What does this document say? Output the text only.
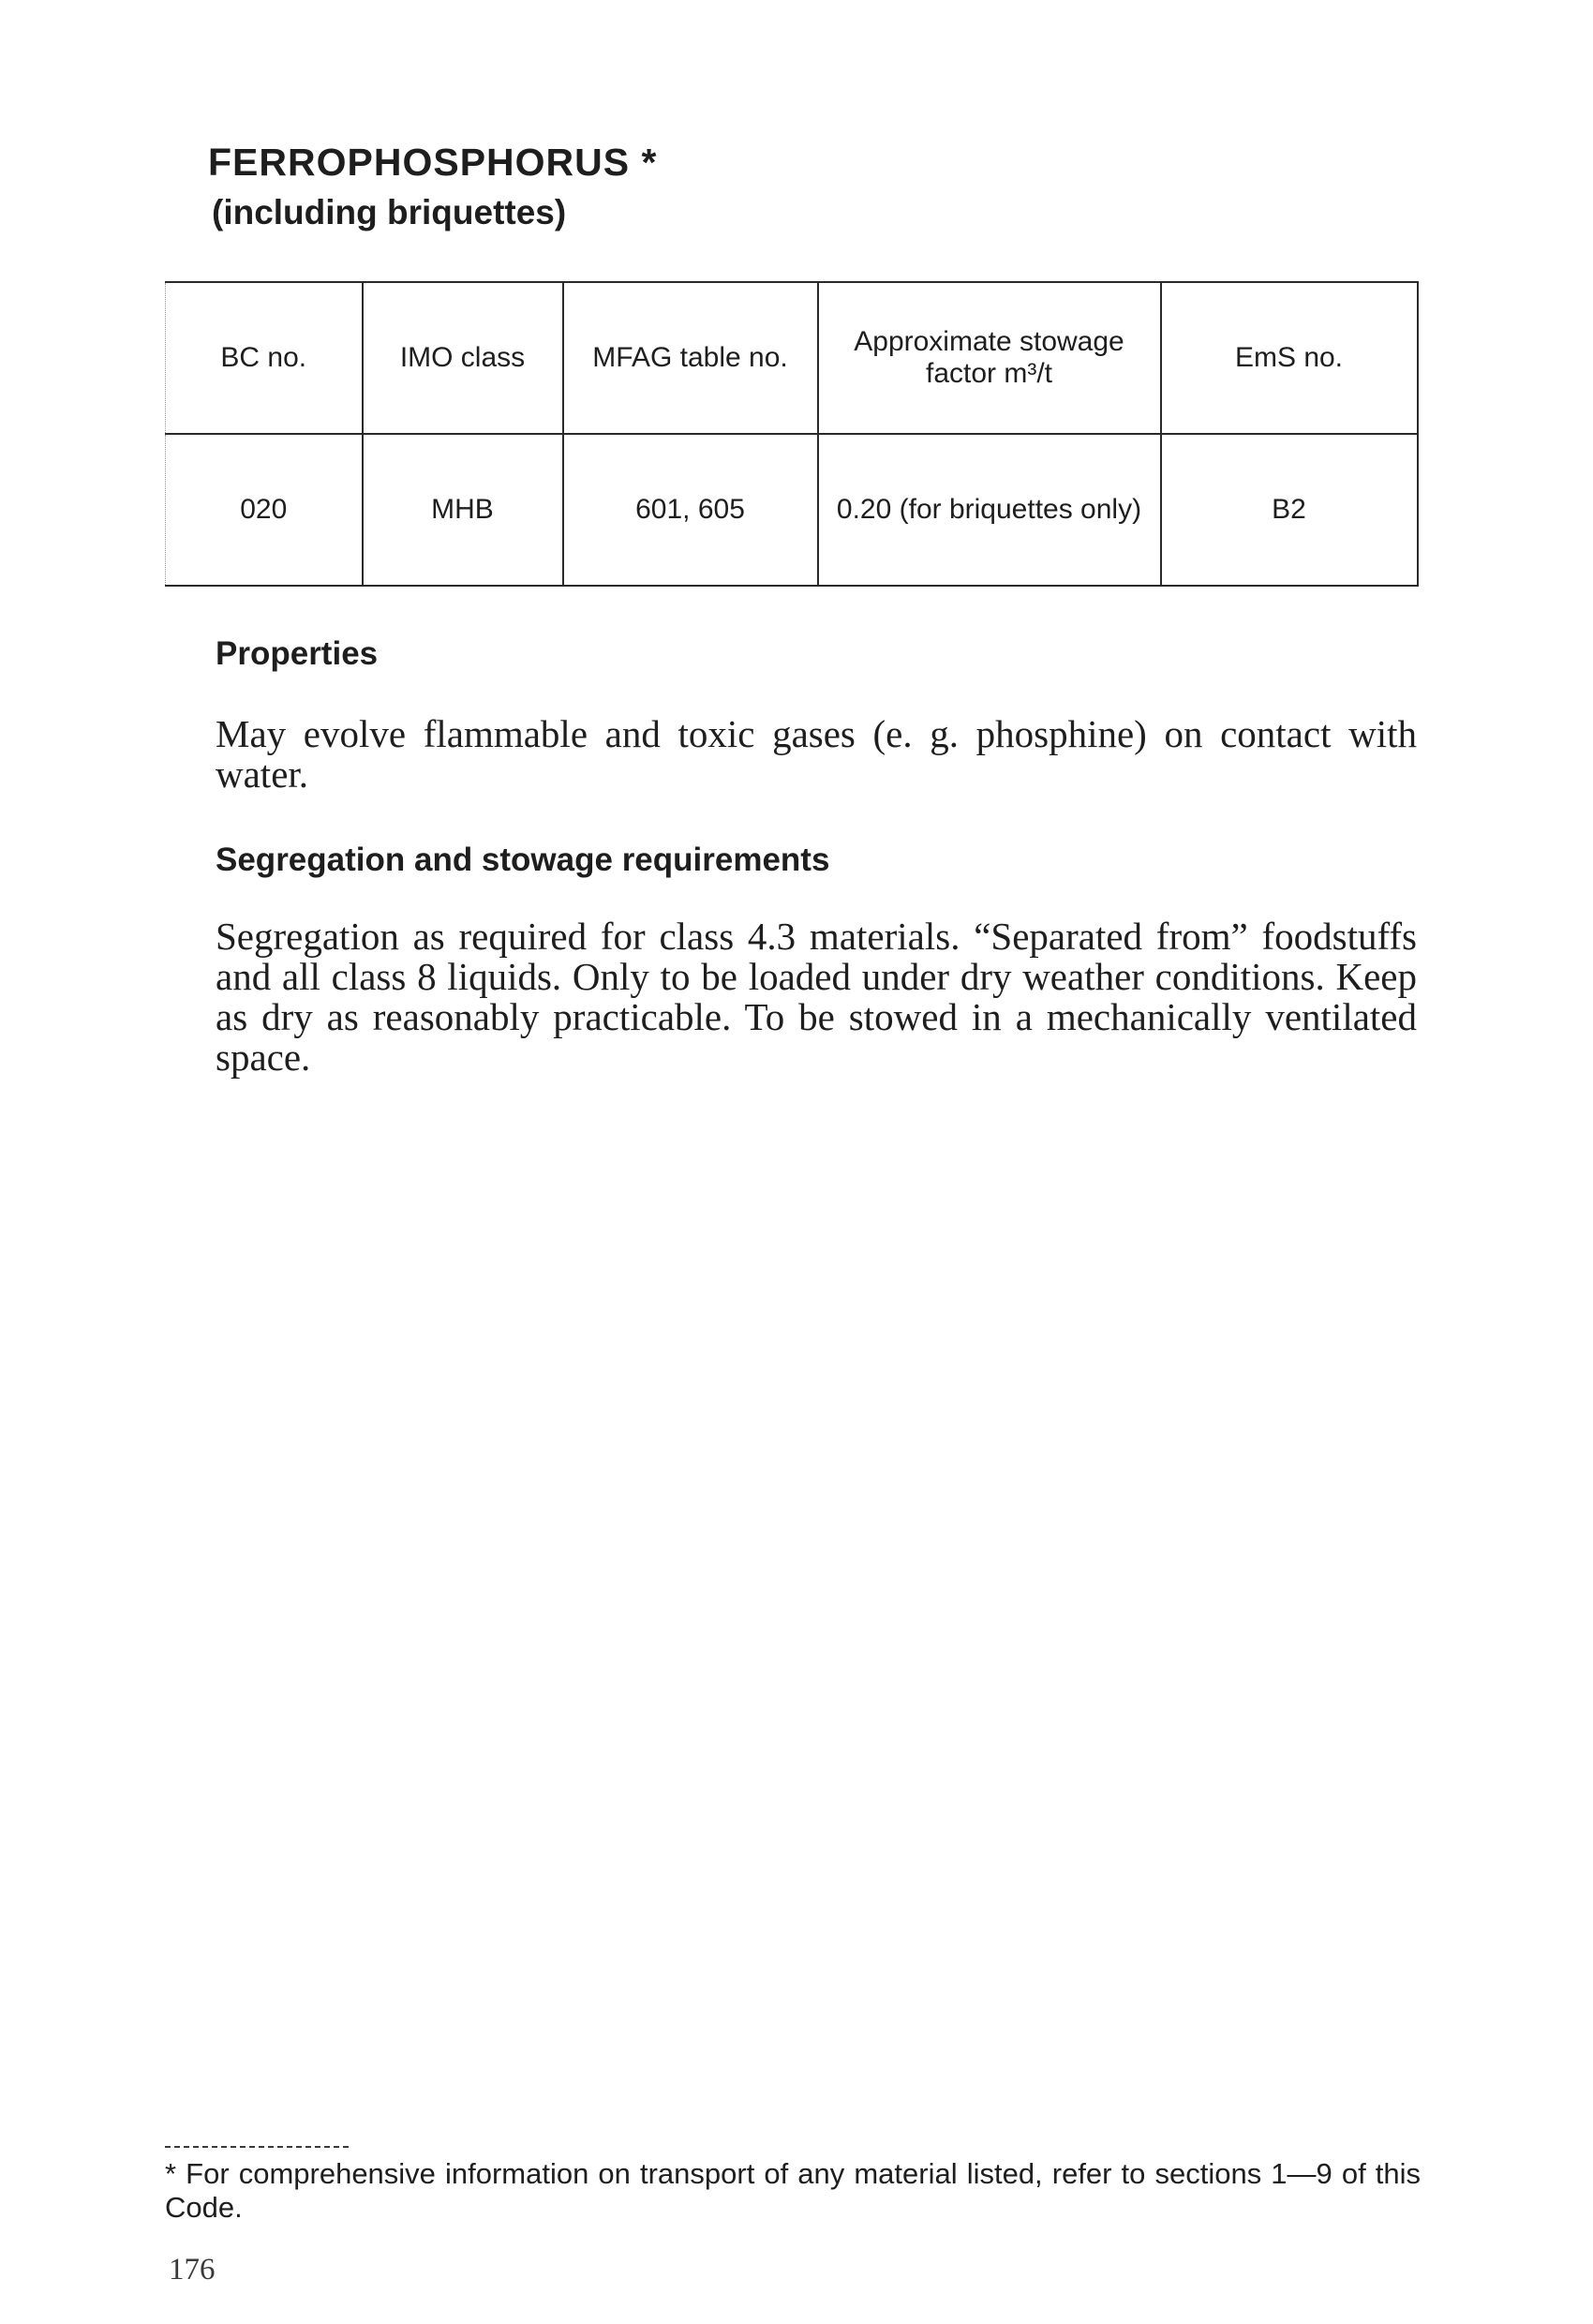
FERROPHOSPHORUS *
(including briquettes)
BC no.	IMO class	MFAG table no.	Approximate stowage factor m³/t	EmS no.
020	MHB	601, 605	0.20 (for briquettes only)	B2
Properties

May evolve flammable and toxic gases (e. g. phosphine) on contact with water.

Segregation and stowage requirements

Segregation as required for class 4.3 materials. “Separated from” foodstuffs and all class 8 liquids. Only to be loaded under dry weather conditions. Keep as dry as reasonably practicable. To be stowed in a mechanically ventilated space.

* For comprehensive information on transport of any material listed, refer to sections 1—9 of this Code.

176
